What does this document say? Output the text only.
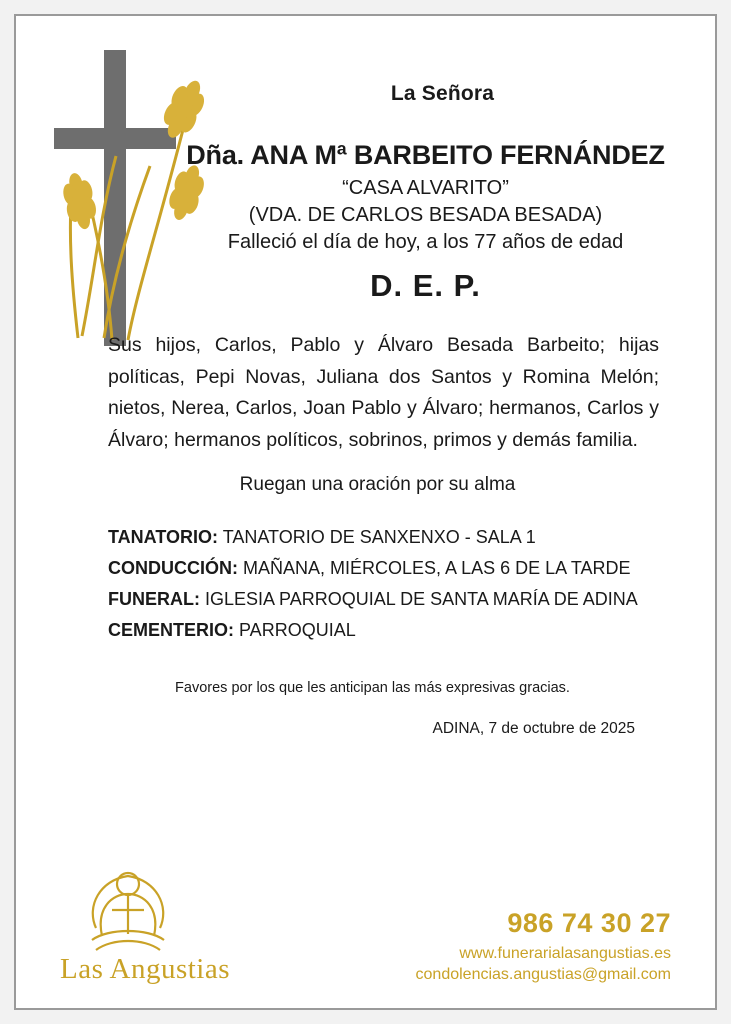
La Señora

Dña. ANA Mª BARBEITO FERNÁNDEZ

“CASA ALVARITO”

(VDA. DE CARLOS BESADA BESADA)

Falleció el día de hoy, a los 77 años de edad

D. E. P.

Sus hijos, Carlos, Pablo y Álvaro Besada Barbeito; hijas políticas, Pepi Novas, Juliana dos Santos y Romina Melón; nietos, Nerea, Carlos, Joan Pablo y Álvaro; hermanos, Carlos y Álvaro; hermanos políticos, sobrinos, primos y demás familia.

Ruegan una oración por su alma

TANATORIO: TANATORIO DE SANXENXO - SALA 1
CONDUCCIÓN: MAÑANA, MIÉRCOLES, A LAS 6 DE LA TARDE
FUNERAL: IGLESIA PARROQUIAL DE SANTA MARÍA DE ADINA
CEMENTERIO: PARROQUIAL

Favores por los que les anticipan las más expresivas gracias.

ADINA, 7 de octubre de 2025

Las Angustias
986 74 30 27
www.funerarialasangustias.es
condolencias.angustias@gmail.com
